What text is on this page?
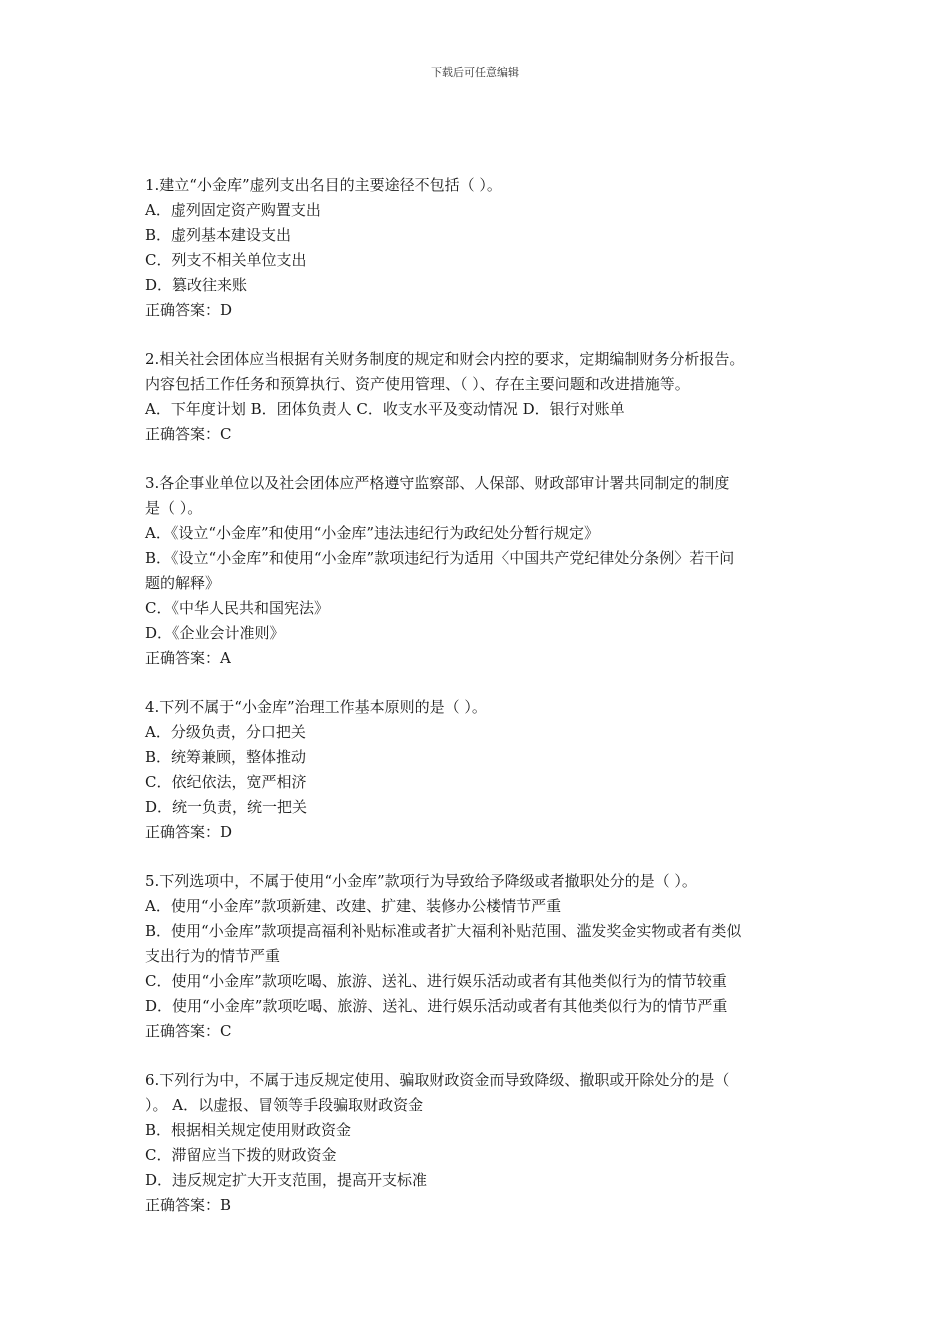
下载后可任意编辑
1.建立“小金库”虚列支出名目的主要途径不包括（ ）。
A．虚列固定资产购置支出
B．虚列基本建设支出
C．列支不相关单位支出
D．篡改往来账
正确答案：D
2.相关社会团体应当根据有关财务制度的规定和财会内控的要求，定期编制财务分析报告。
内容包括工作任务和预算执行、资产使用管理、（ ）、存在主要问题和改进措施等。
A．下年度计划 B．团体负责人 C．收支水平及变动情况 D．银行对账单
正确答案：C
3.各企事业单位以及社会团体应严格遵守监察部、人保部、财政部审计署共同制定的制度
是（ ）。
A．《设立“小金库”和使用“小金库”违法违纪行为政纪处分暂行规定》
B．《设立“小金库”和使用“小金库”款项违纪行为适用〈中国共产党纪律处分条例〉若干问
题的解释》
C．《中华人民共和国宪法》
D．《企业会计准则》
正确答案：A
4.下列不属于“小金库”治理工作基本原则的是（ ）。
A．分级负责，分口把关
B．统筹兼顾，整体推动
C．依纪依法，宽严相济
D．统一负责，统一把关
正确答案：D
5.下列选项中，不属于使用“小金库”款项行为导致给予降级或者撤职处分的是（ ）。
A．使用“小金库”款项新建、改建、扩建、装修办公楼情节严重
B．使用“小金库”款项提高福利补贴标准或者扩大福利补贴范围、滥发奖金实物或者有类似
支出行为的情节严重
C．使用“小金库”款项吃喝、旅游、送礼、进行娱乐活动或者有其他类似行为的情节较重
D．使用“小金库”款项吃喝、旅游、送礼、进行娱乐活动或者有其他类似行为的情节严重
正确答案：C
6.下列行为中，不属于违反规定使用、骗取财政资金而导致降级、撤职或开除处分的是（
）。 A．以虚报、冒领等手段骗取财政资金
B．根据相关规定使用财政资金
C．滞留应当下拨的财政资金
D．违反规定扩大开支范围，提高开支标准
正确答案：B
